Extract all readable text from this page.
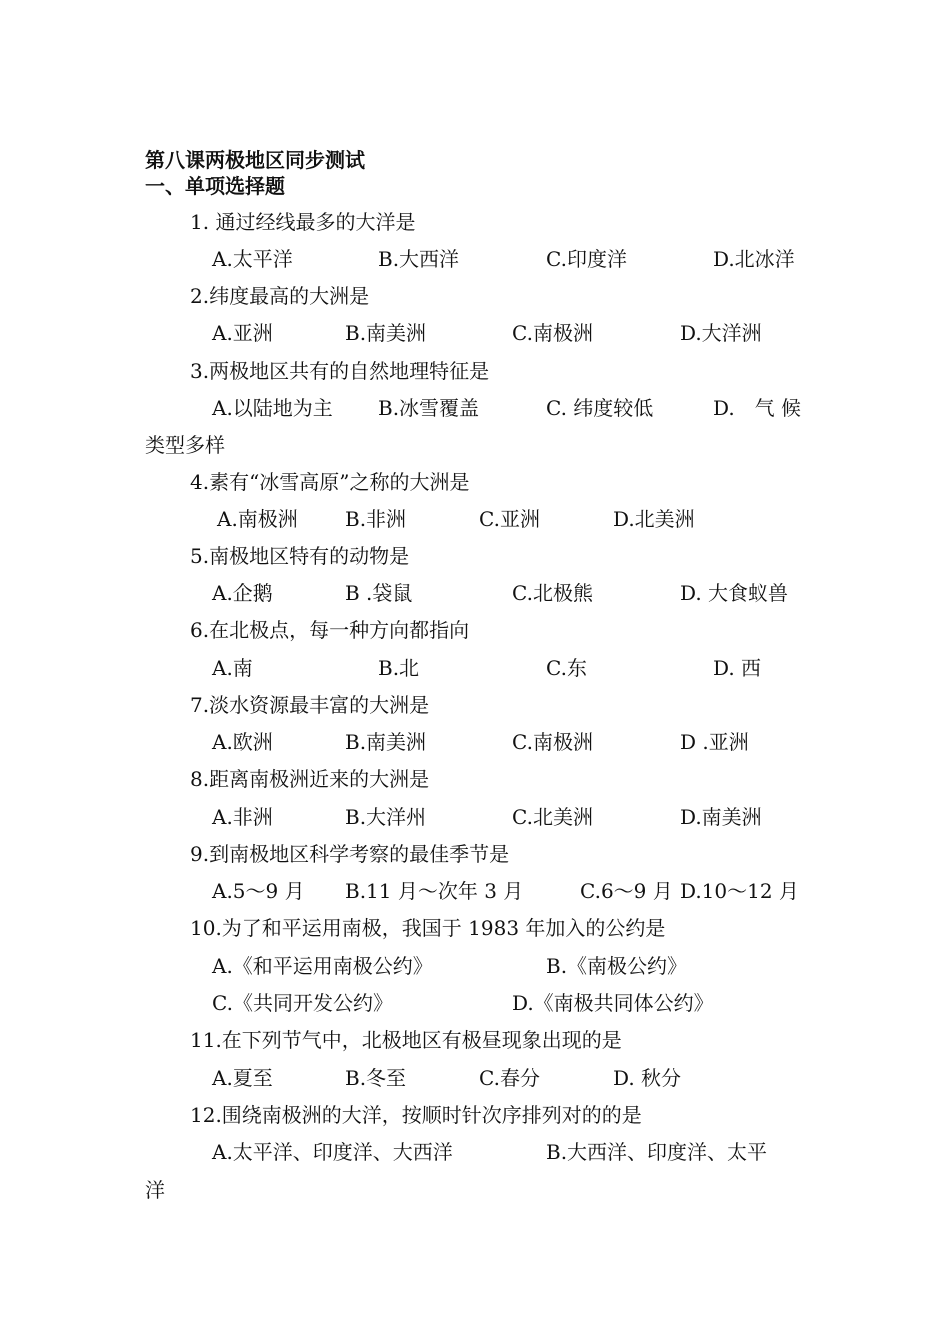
第八课两极地区同步测试
一、单项选择题
1. 通过经线最多的大洋是
A.太平洋	B.大西洋	C.印度洋	D.北冰洋
2.纬度最高的大洲是
A.亚洲	B.南美洲	C.南极洲	D.大洋洲
3.两极地区共有的自然地理特征是
A.以陆地为主 B.冰雪覆盖	C. 纬度较低	D.　气 候
类型多样
4.素有“冰雪高原”之称的大洲是
A.南极洲 B.非洲	C.亚洲	D.北美洲
5.南极地区特有的动物是
A.企鹅	B .袋鼠	C.北极熊	D. 大食蚁兽
6.在北极点，每一种方向都指向
A.南	B.北	C.东	D. 西
7.淡水资源最丰富的大洲是
A.欧洲	B.南美洲	C.南极洲	D .亚洲
8.距离南极洲近来的大洲是
A.非洲	B.大洋州	C.北美洲	D.南美洲
9.到南极地区科学考察的最佳季节是
A.5～9 月 B.11 月～次年 3 月	C.6～9 月 D.10～12 月
10.为了和平运用南极，我国于 1983 年加入的公约是
A.《和平运用南极公约》	B.《南极公约》
C.《共同开发公约》	D.《南极共同体公约》
11.在下列节气中，北极地区有极昼现象出现的是
A.夏至	B.冬至	C.春分	D. 秋分
12.围绕南极洲的大洋，按顺时针次序排列对的的是
A.太平洋、印度洋、大西洋	B.大西洋、印度洋、太平
洋
